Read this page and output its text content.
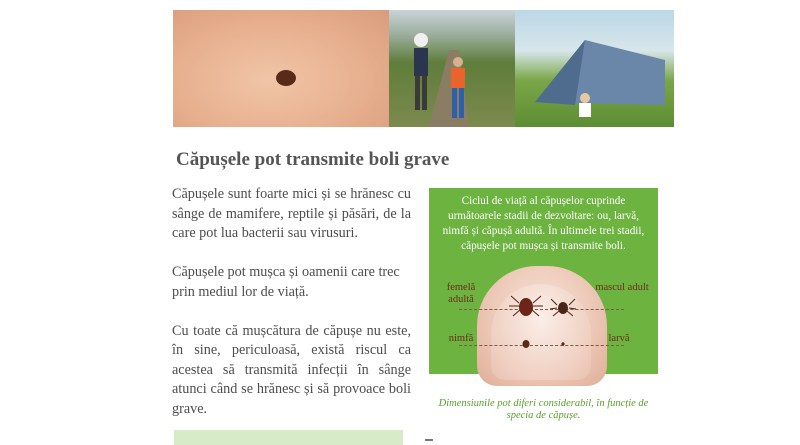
Căpușele pot transmite boli grave

Căpușele sunt foarte mici și se hrănesc cu sânge de mamifere, reptile și păsări, de la care pot lua bacterii sau virusuri.

Căpușele pot mușca și oamenii care trec prin mediul lor de viață.

Cu toate că mușcătura de căpușe nu este, în sine, periculoasă, există riscul ca acestea să transmită infecții în sânge atunci când se hrănesc și să provoace boli grave.

Ciclul de viață al căpușelor cuprinde următoarele stadii de dezvoltare: ou, larvă, nimfă și căpușă adultă. În ultimele trei stadii, căpușele pot mușca și transmite boli.
femelă adultă
mascul adult
nimfă	larvă
Dimensiunile pot diferi considerabil, în funcție de specia de căpușe.
